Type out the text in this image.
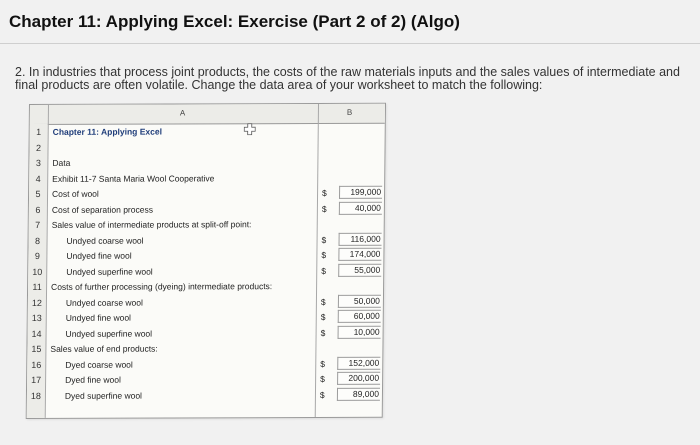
Chapter 11: Applying Excel: Exercise (Part 2 of 2) (Algo)
2. In industries that process joint products, the costs of the raw materials inputs and the sales values of intermediate and final products are often volatile. Change the data area of your worksheet to match the following:
A	B
1	Chapter 11: Applying Excel
2
3	Data
4	Exhibit 11-7 Santa Maria Wool Cooperative
5	Cost of wool	$	199,000
6	Cost of separation process	$	40,000
7	Sales value of intermediate products at split-off point:
8	Undyed coarse wool	$	116,000
9	Undyed fine wool	$	174,000
10	Undyed superfine wool	$	55,000
11	Costs of further processing (dyeing) intermediate products:
12	Undyed coarse wool	$	50,000
13	Undyed fine wool	$	60,000
14	Undyed superfine wool	$	10,000
15	Sales value of end products:
16	Dyed coarse wool	$	152,000
17	Dyed fine wool	$	200,000
18	Dyed superfine wool	$	89,000
